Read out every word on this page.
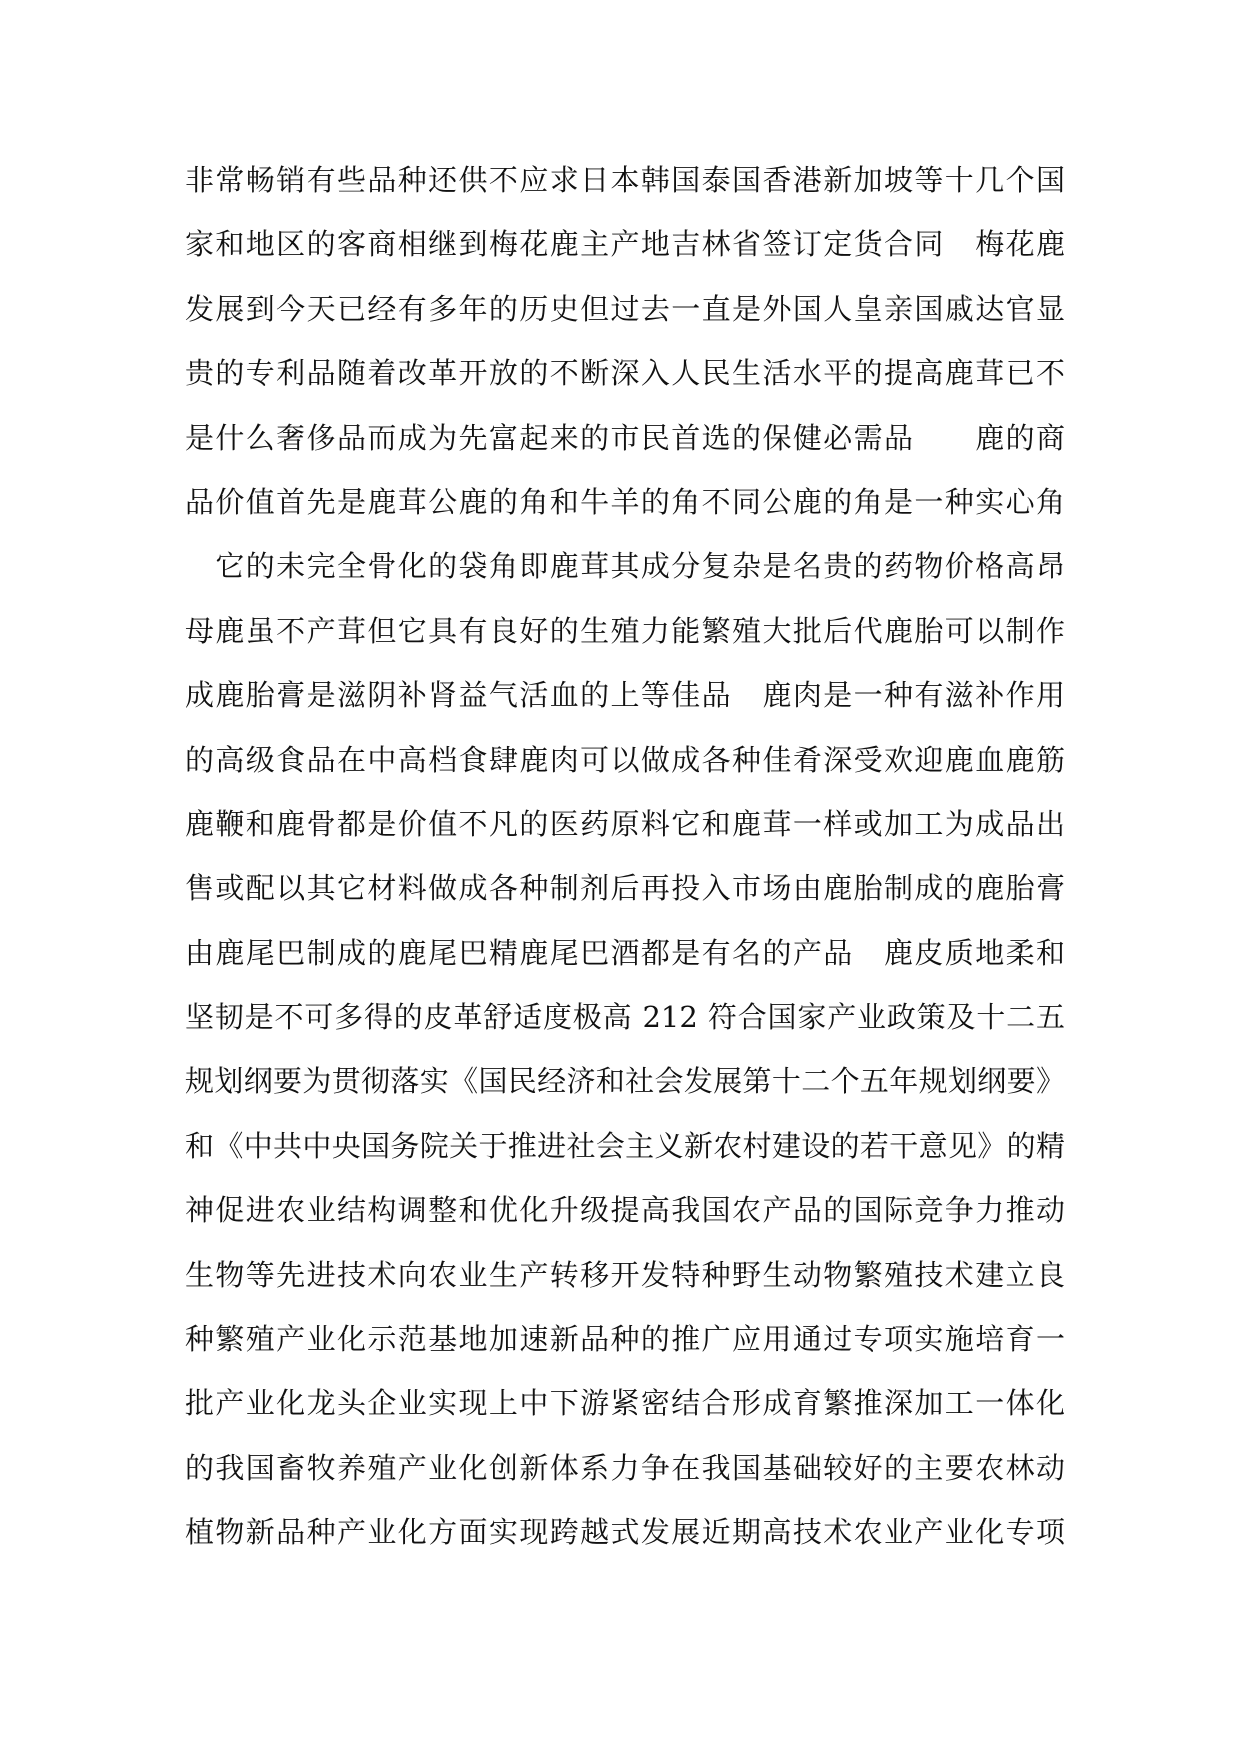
非常畅销有些品种还供不应求日本韩国泰国香港新加坡等十几个国
家和地区的客商相继到梅花鹿主产地吉林省签订定货合同　梅花鹿
发展到今天已经有多年的历史但过去一直是外国人皇亲国戚达官显
贵的专利品随着改革开放的不断深入人民生活水平的提高鹿茸已不
是什么奢侈品而成为先富起来的市民首选的保健必需品　　鹿的商
品价值首先是鹿茸公鹿的角和牛羊的角不同公鹿的角是一种实心角
　它的未完全骨化的袋角即鹿茸其成分复杂是名贵的药物价格高昂
母鹿虽不产茸但它具有良好的生殖力能繁殖大批后代鹿胎可以制作
成鹿胎膏是滋阴补肾益气活血的上等佳品　鹿肉是一种有滋补作用
的高级食品在中高档食肆鹿肉可以做成各种佳肴深受欢迎鹿血鹿筋
鹿鞭和鹿骨都是价值不凡的医药原料它和鹿茸一样或加工为成品出
售或配以其它材料做成各种制剂后再投入市场由鹿胎制成的鹿胎膏
由鹿尾巴制成的鹿尾巴精鹿尾巴酒都是有名的产品　鹿皮质地柔和
坚韧是不可多得的皮革舒适度极高 212 符合国家产业政策及十二五
规划纲要为贯彻落实《国民经济和社会发展第十二个五年规划纲要》
和《中共中央国务院关于推进社会主义新农村建设的若干意见》的精
神促进农业结构调整和优化升级提高我国农产品的国际竞争力推动
生物等先进技术向农业生产转移开发特种野生动物繁殖技术建立良
种繁殖产业化示范基地加速新品种的推广应用通过专项实施培育一
批产业化龙头企业实现上中下游紧密结合形成育繁推深加工一体化
的我国畜牧养殖产业化创新体系力争在我国基础较好的主要农林动
植物新品种产业化方面实现跨越式发展近期高技术农业产业化专项
